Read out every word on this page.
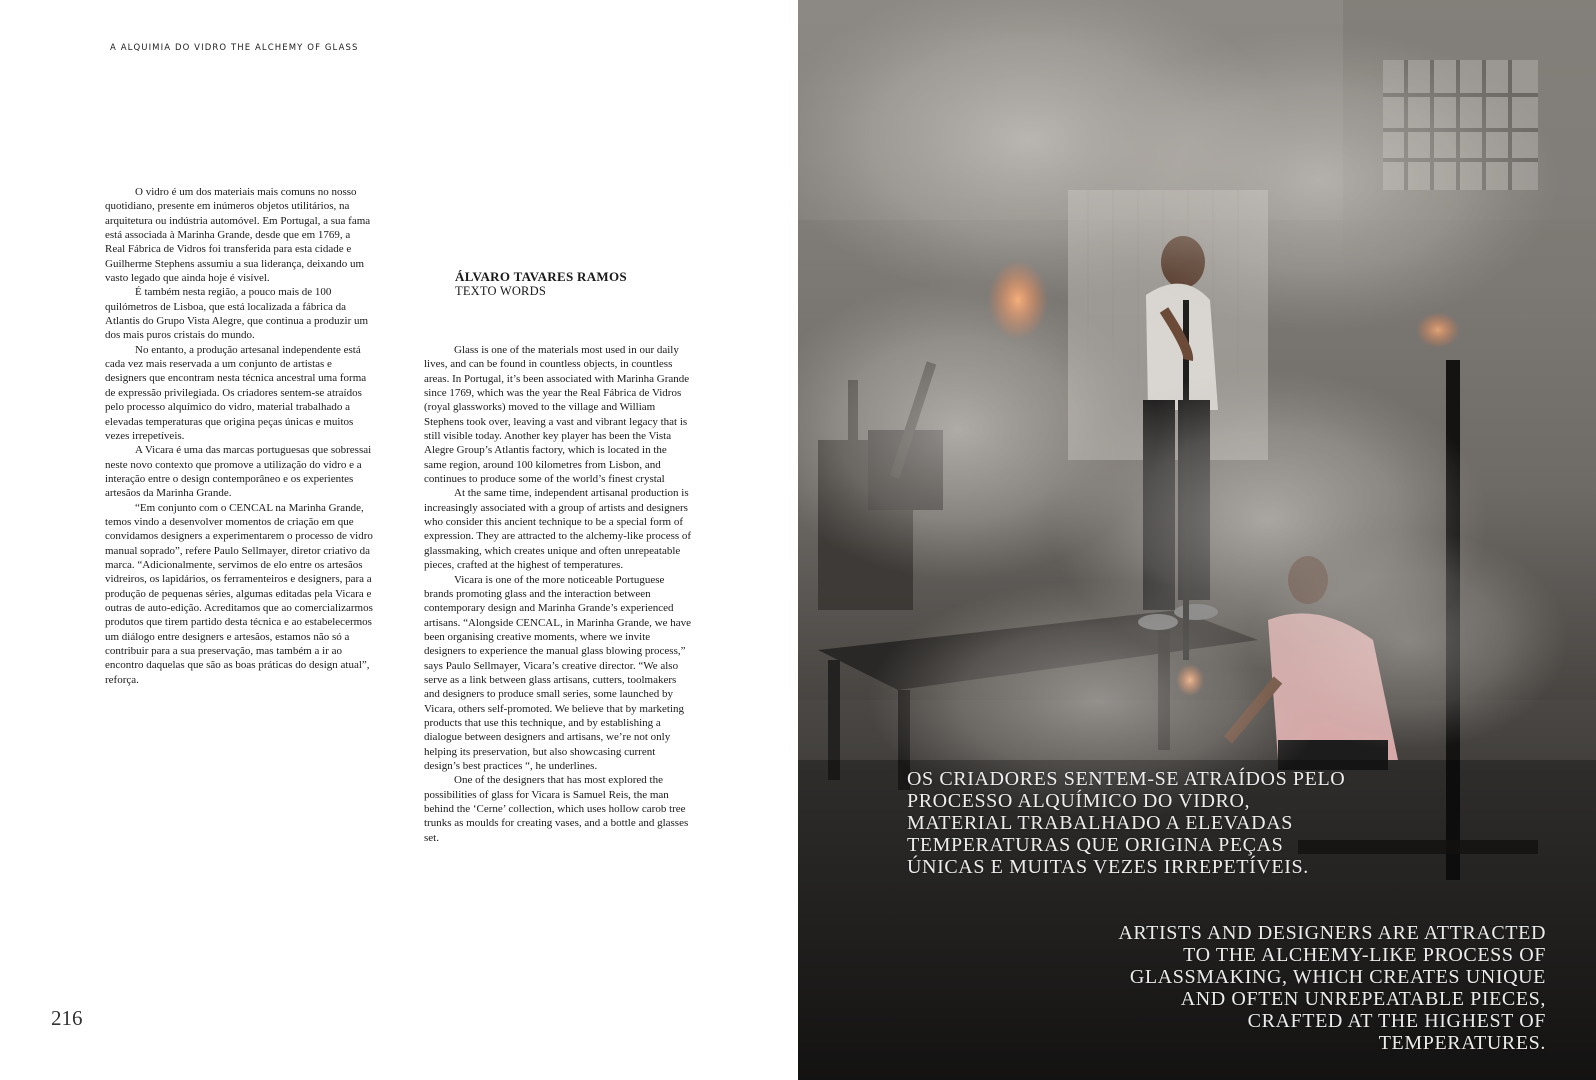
A ALQUIMIA DO VIDRO THE ALCHEMY OF GLASS

O vidro é um dos materiais mais comuns no nosso quotidiano, presente em inúmeros objetos utilitários, na arquitetura ou indústria automóvel. Em Portugal, a sua fama está associada à Marinha Grande, desde que em 1769, a Real Fábrica de Vidros foi transferida para esta cidade e Guilherme Stephens assumiu a sua liderança, deixando um vasto legado que ainda hoje é visível.

É também nesta região, a pouco mais de 100 quilómetros de Lisboa, que está localizada a fábrica da Atlantis do Grupo Vista Alegre, que continua a produzir um dos mais puros cristais do mundo.

No entanto, a produção artesanal independente está cada vez mais reservada a um conjunto de artistas e designers que encontram nesta técnica ancestral uma forma de expressão privilegiada. Os criadores sentem-se atraídos pelo processo alquímico do vidro, material trabalhado a elevadas temperaturas que origina peças únicas e muitos vezes irrepetíveis.

A Vicara é uma das marcas portuguesas que sobressai neste novo contexto que promove a utilização do vidro e a interação entre o design contemporâneo e os experientes artesãos da Marinha Grande.

“Em conjunto com o CENCAL na Marinha Grande, temos vindo a desenvolver momentos de criação em que convidamos designers a experimentarem o processo de vidro manual soprado”, refere Paulo Sellmayer, diretor criativo da marca. “Adicionalmente, servimos de elo entre os artesãos vidreiros, os lapidários, os ferramenteiros e designers, para a produção de pequenas séries, algumas editadas pela Vicara e outras de auto-edição. Acreditamos que ao comercializarmos produtos que tirem partido desta técnica e ao estabelecermos um diálogo entre designers e artesãos, estamos não só a contribuir para a sua preservação, mas também a ir ao encontro daquelas que são as boas práticas do design atual”, reforça.

ÁLVARO TAVARES RAMOS
TEXTO WORDS

Glass is one of the materials most used in our daily lives, and can be found in countless objects, in countless areas. In Portugal, it’s been associated with Marinha Grande since 1769, which was the year the Real Fábrica de Vidros (royal glassworks) moved to the village and William Stephens took over, leaving a vast and vibrant legacy that is still visible today. Another key player has been the Vista Alegre Group’s Atlantis factory, which is located in the same region, around 100 kilometres from Lisbon, and continues to produce some of the world’s finest crystal

At the same time, independent artisanal production is increasingly associated with a group of artists and designers who consider this ancient technique to be a special form of expression. They are attracted to the alchemy-like process of glassmaking, which creates unique and often unrepeatable pieces, crafted at the highest of temperatures.

Vicara is one of the more noticeable Portuguese brands promoting glass and the interaction between contemporary design and Marinha Grande’s experienced artisans. “Alongside CENCAL, in Marinha Grande, we have been organising creative moments, where we invite designers to experience the manual glass blowing process,” says Paulo Sellmayer, Vicara’s creative director. “We also serve as a link between glass artisans, cutters, toolmakers and designers to produce small series, some launched by Vicara, others self-promoted. We believe that by marketing products that use this technique, and by establishing a dialogue between designers and artisans, we’re not only helping its preservation, but also showcasing current design’s best practices “, he underlines.

One of the designers that has most explored the possibilities of glass for Vicara is Samuel Reis, the man behind the ‘Cerne’ collection, which uses hollow carob tree trunks as moulds for creating vases, and a bottle and glasses set.

216
OS CRIADORES SENTEM-SE ATRAÍDOS PELO PROCESSO ALQUÍMICO DO VIDRO, MATERIAL TRABALHADO A ELEVADAS TEMPERATURAS QUE ORIGINA PEÇAS ÚNICAS E MUITAS VEZES IRREPETÍVEIS.
ARTISTS AND DESIGNERS ARE ATTRACTED TO THE ALCHEMY-LIKE PROCESS OF GLASSMAKING, WHICH CREATES UNIQUE AND OFTEN UNREPEATABLE PIECES, CRAFTED AT THE HIGHEST OF TEMPERATURES.
